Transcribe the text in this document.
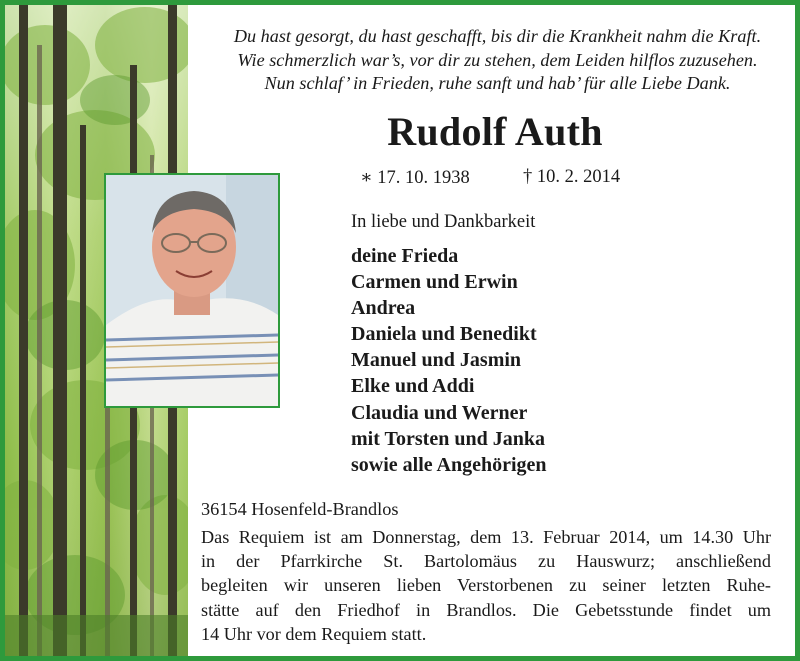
Du hast gesorgt, du hast geschafft, bis dir die Krankheit nahm die Kraft.
Wie schmerzlich war’s, vor dir zu stehen, dem Leiden hilflos zuzusehen.
Nun schlaf’ in Frieden, ruhe sanft und hab’ für alle Liebe Dank.
Rudolf Auth
∗ 17. 10. 1938	† 10. 2. 2014
In liebe und Dankbarkeit
deine Frieda
Carmen und Erwin
Andrea
Daniela und Benedikt
Manuel und Jasmin
Elke und Addi
Claudia und Werner
mit Torsten und Janka
sowie alle Angehörigen
36154 Hosenfeld-Brandlos
Das Requiem ist am Donnerstag, dem 13. Februar 2014, um 14.30 Uhr
in der Pfarrkirche St. Bartolomäus zu Hauswurz; anschließend
begleiten wir unseren lieben Verstorbenen zu seiner letzten Ruhe-
stätte auf den Friedhof in Brandlos. Die Gebetsstunde findet um
14 Uhr vor dem Requiem statt.
